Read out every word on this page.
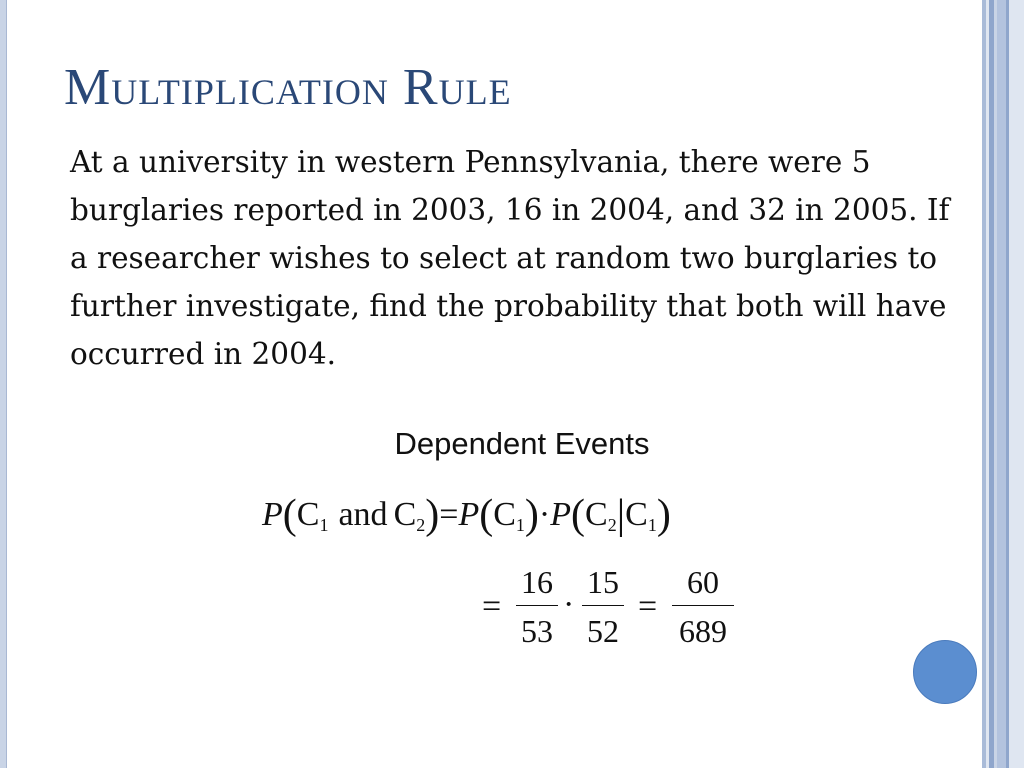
Multiplication Rule

At a university in western Pennsylvania, there were 5 burglaries reported in 2003, 16 in 2004, and 32 in 2005. If a researcher wishes to select at random two burglaries to further investigate, find the probability that both will have occurred in 2004.

Dependent Events
P(C1 and C2)=P(C1)·P(C2|C1)
=
16
53
·
15
52
=
60
689
